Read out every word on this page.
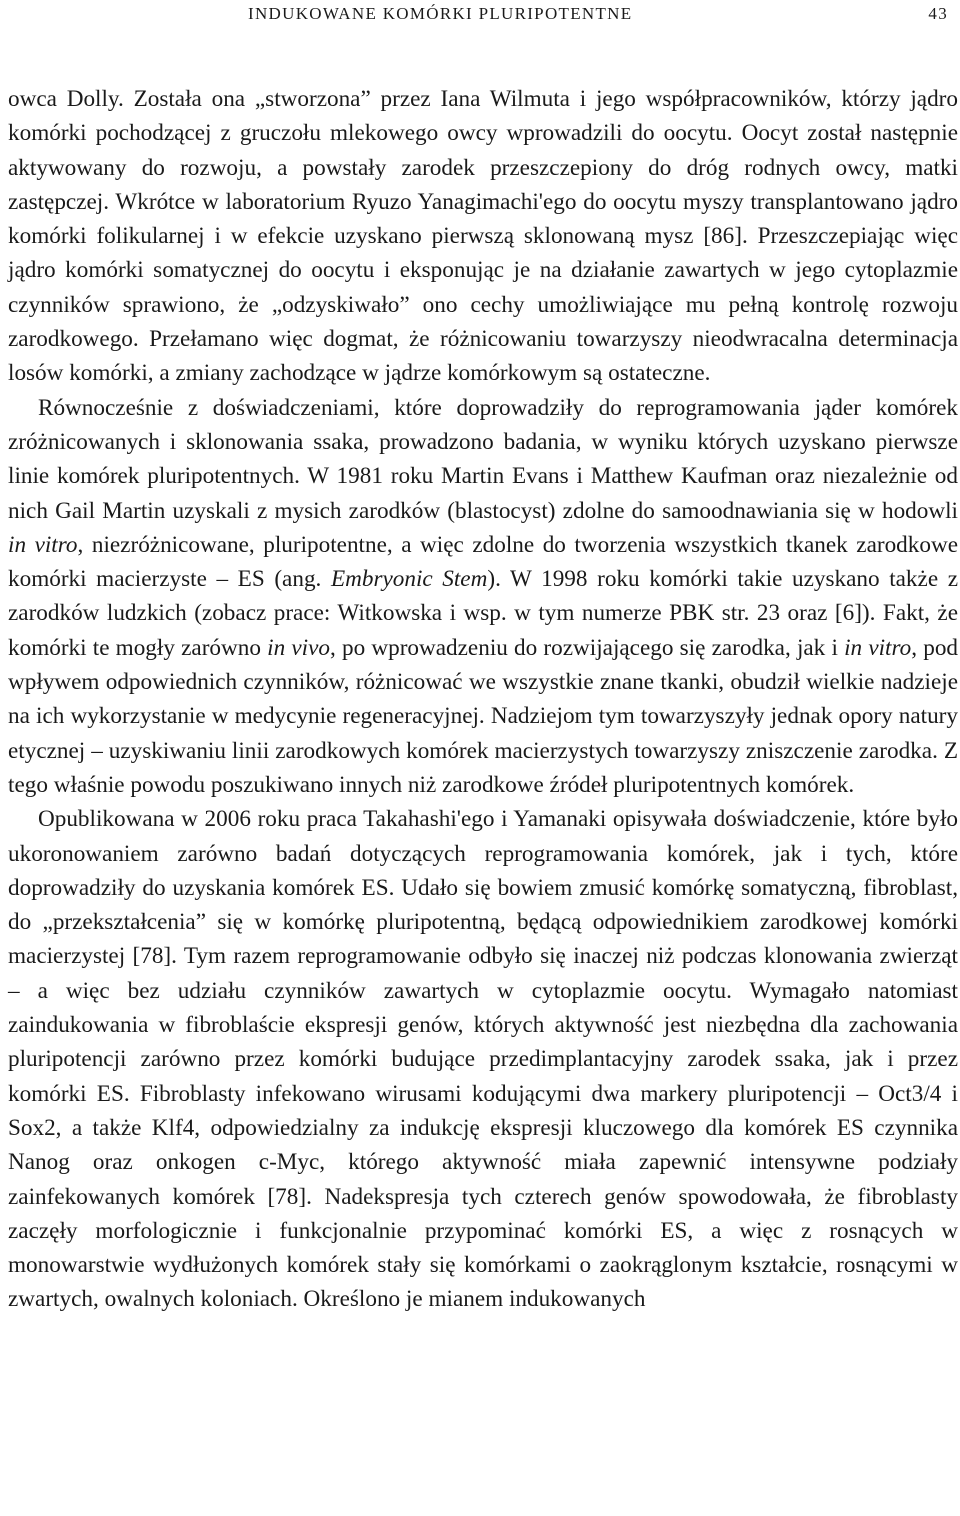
INDUKOWANE KOMÓRKI PLURIPOTENTNE	43

owca Dolly. Została ona „stworzona” przez Iana Wilmuta i jego współpracowników, którzy jądro komórki pochodzącej z gruczołu mlekowego owcy wprowadzili do oocytu. Oocyt został następnie aktywowany do rozwoju, a powstały zarodek przeszczepiony do dróg rodnych owcy, matki zastępczej. Wkrótce w laboratorium Ryuzo Yanagimachi'ego do oocytu myszy transplantowano jądro komórki folikularnej i w efekcie uzyskano pierwszą sklonowaną mysz [86]. Przeszczepiając więc jądro komórki somatycznej do oocytu i eksponując je na działanie zawartych w jego cytoplazmie czynników sprawiono, że „odzyskiwało” ono cechy umożliwiające mu pełną kontrolę rozwoju zarodkowego. Przełamano więc dogmat, że różnicowaniu towarzyszy nieodwracalna determinacja losów komórki, a zmiany zachodzące w jądrze komórkowym są ostateczne.

Równocześnie z doświadczeniami, które doprowadziły do reprogramowania jąder komórek zróżnicowanych i sklonowania ssaka, prowadzono badania, w wyniku których uzyskano pierwsze linie komórek pluripotentnych. W 1981 roku Martin Evans i Matthew Kaufman oraz niezależnie od nich Gail Martin uzyskali z mysich zarodków (blastocyst) zdolne do samoodnawiania się w hodowli in vitro, niezróżnicowane, pluripotentne, a więc zdolne do tworzenia wszystkich tkanek zarodkowe komórki macierzyste – ES (ang. Embryonic Stem). W 1998 roku komórki takie uzyskano także z zarodków ludzkich (zobacz prace: Witkowska i wsp. w tym numerze PBK str. 23 oraz [6]). Fakt, że komórki te mogły zarówno in vivo, po wprowadzeniu do rozwijającego się zarodka, jak i in vitro, pod wpływem odpowiednich czynników, różnicować we wszystkie znane tkanki, obudził wielkie nadzieje na ich wykorzystanie w medycynie regeneracyjnej. Nadziejom tym towarzyszyły jednak opory natury etycznej – uzyskiwaniu linii zarodkowych komórek macierzystych towarzyszy zniszczenie zarodka. Z tego właśnie powodu poszukiwano innych niż zarodkowe źródeł pluripotentnych komórek.

Opublikowana w 2006 roku praca Takahashi'ego i Yamanaki opisywała doświadczenie, które było ukoronowaniem zarówno badań dotyczących reprogramowania komórek, jak i tych, które doprowadziły do uzyskania komórek ES. Udało się bowiem zmusić komórkę somatyczną, fibroblast, do „przekształcenia” się w komórkę pluripotentną, będącą odpowiednikiem zarodkowej komórki macierzystej [78]. Tym razem reprogramowanie odbyło się inaczej niż podczas klonowania zwierząt – a więc bez udziału czynników zawartych w cytoplazmie oocytu. Wymagało natomiast zaindukowania w fibroblaście ekspresji genów, których aktywność jest niezbędna dla zachowania pluripotencji zarówno przez komórki budujące przedimplantacyjny zarodek ssaka, jak i przez komórki ES. Fibroblasty infekowano wirusami kodującymi dwa markery pluripotencji – Oct3/4 i Sox2, a także Klf4, odpowiedzialny za indukcję ekspresji kluczowego dla komórek ES czynnika Nanog oraz onkogen c-Myc, którego aktywność miała zapewnić intensywne podziały zainfekowanych komórek [78]. Nadekspresja tych czterech genów spowodowała, że fibroblasty zaczęły morfologicznie i funkcjonalnie przypominać komórki ES, a więc z rosnących w monowarstwie wydłużonych komórek stały się komórkami o zaokrąglonym kształcie, rosnącymi w zwartych, owalnych koloniach. Określono je mianem indukowanych
